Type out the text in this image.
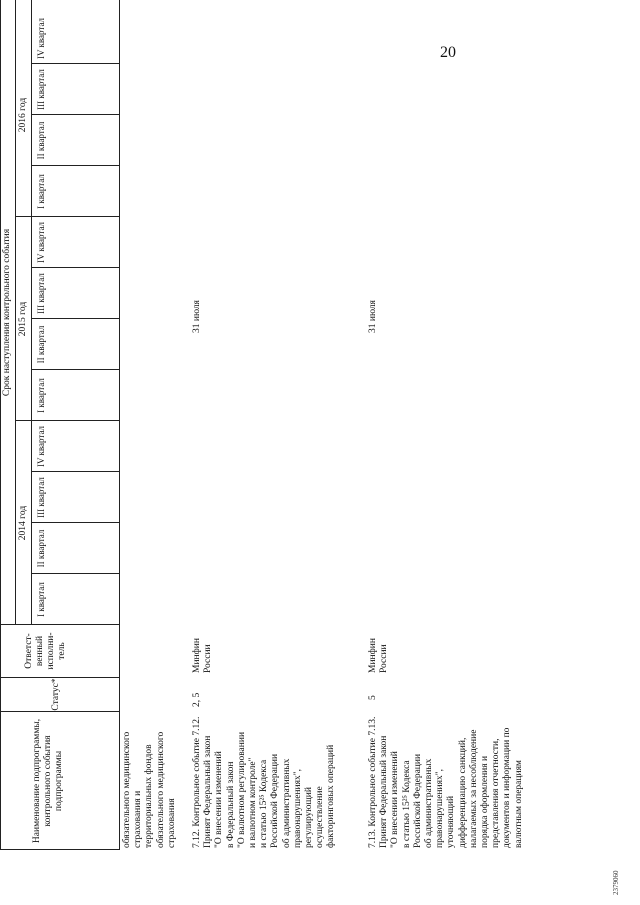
20
Наименование подпрограммы, контрольного события подпрограммы
Статус*
Ответст-венный исполни-тель
Срок наступления контрольного события
2014 год
2015 год
2016 год
I квартал
II квартал
III квартал
IV квартал
I квартал
II квартал
III квартал
IV квартал
I квартал
II квартал
III квартал
IV квартал
обязательного медицинского
страхования и
территориальных фондов
обязательного медицинского
страхования 7.12. Контрольное событие 7.12.
Принят Федеральный закон
"О внесении изменений
в Федеральный закон
"О валютном регулировании
и валютном контроле"
и статью 15²⁵ Кодекса
Российской Федерации
об административных
правонарушениях",
регулирующий
осуществление
факторинговых операций
2, 5
Минфин
России
31 июля
7.13. Контрольное событие 7.13.
Принят Федеральный закон
"О внесении изменений
в статью 15²⁵ Кодекса
Российской Федерации
об административных
правонарушениях",
уточняющий
дифференциацию санкций,
налагаемых за несоблюдение
порядка оформления и
представления отчетности,
документов и информации по
валютным операциям
5
Минфин
России
31 июля
2379060
